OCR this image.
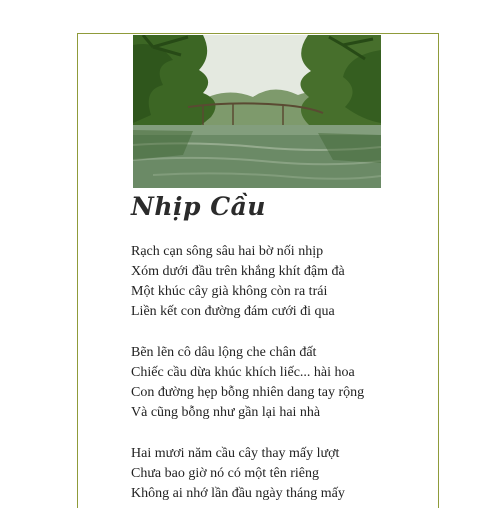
Nhịp Cầu
Rạch cạn sông sâu hai bờ nối nhịp
Xóm dưới đầu trên khắng khít đậm đà
Một khúc cây già không còn ra trái
Liền kết con đường đám cưới đi qua
Bẽn lẽn cô dâu lộng che chân đất
Chiếc cầu dừa khúc khích liếc... hài hoa
Con đường hẹp bỗng nhiên dang tay rộng
Và cũng bỗng như gần lại hai nhà
Hai mươi năm cầu cây thay mấy lượt
Chưa bao giờ nó có một tên riêng
Không ai nhớ lần đầu ngày tháng mấy
